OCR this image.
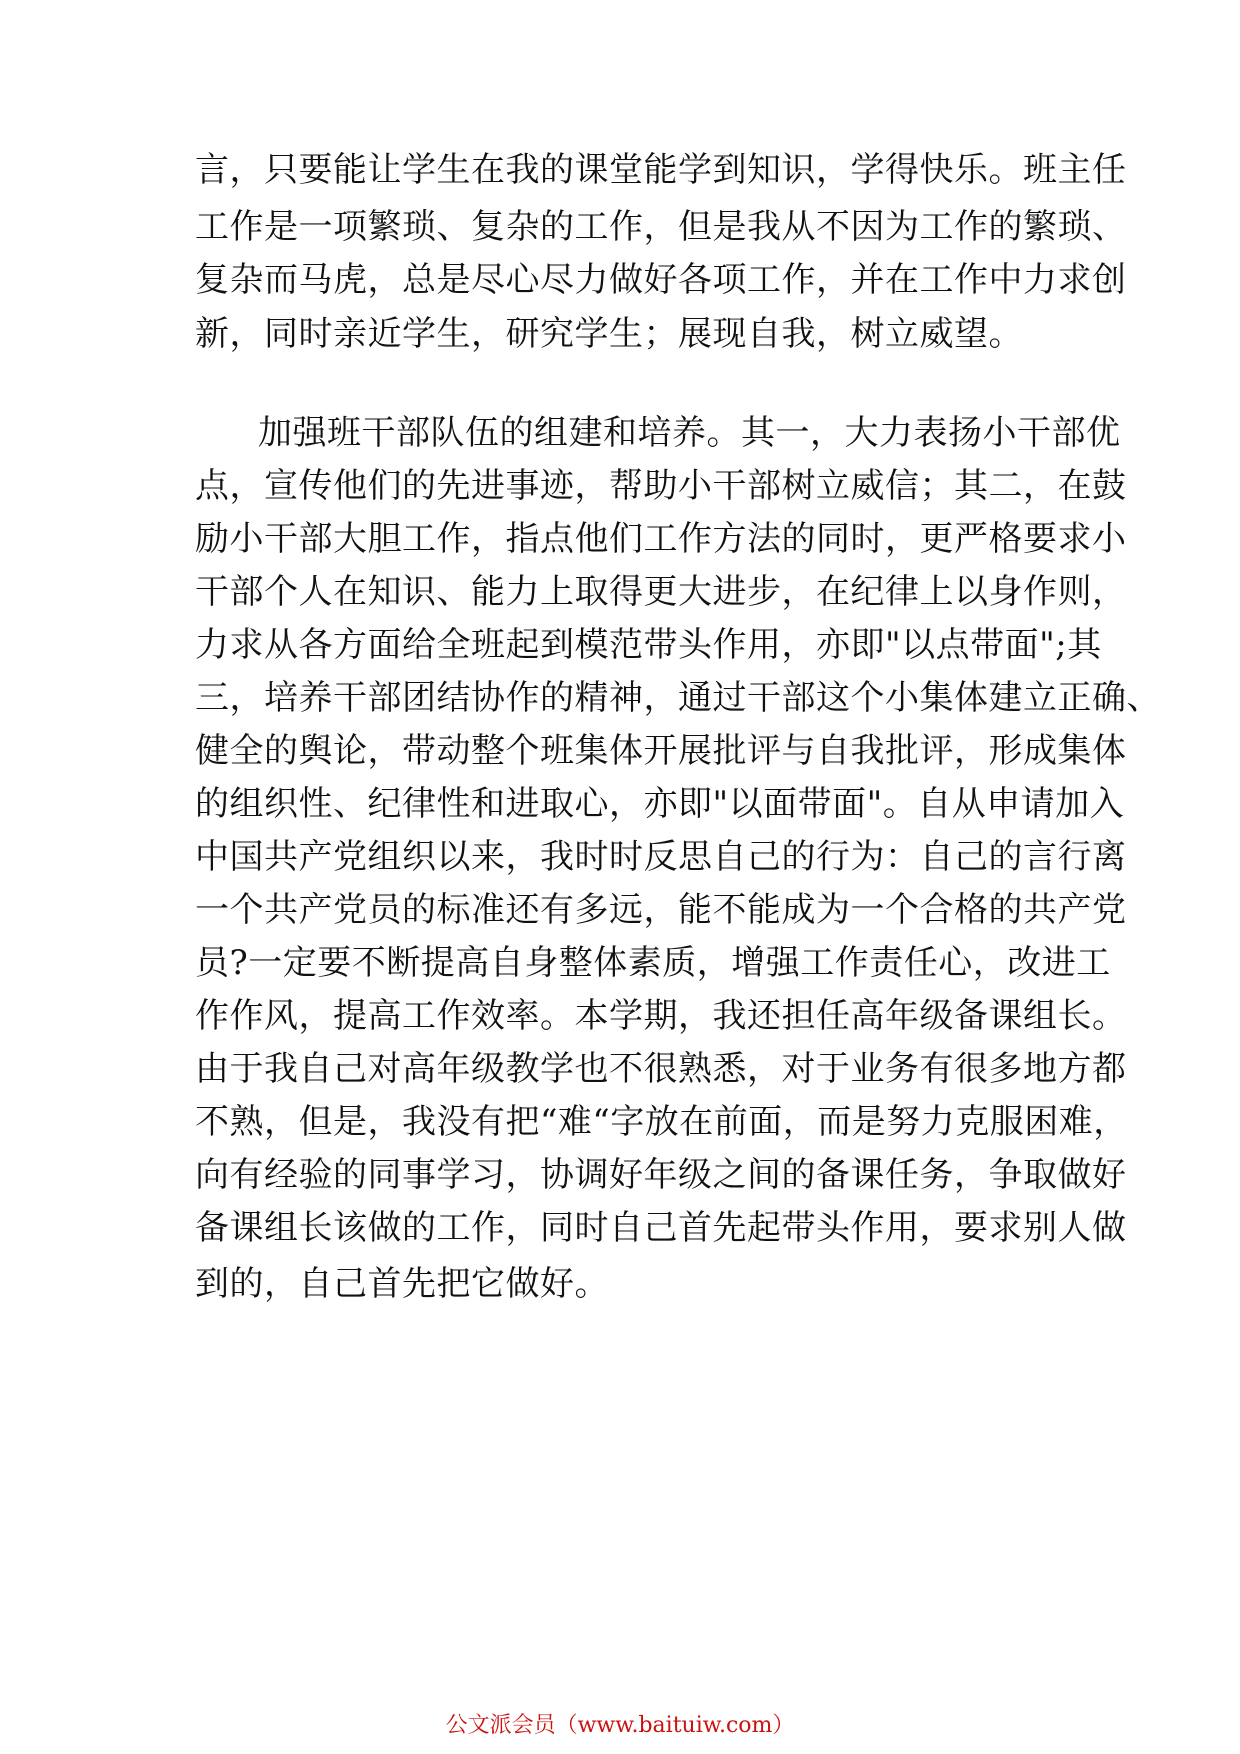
言，只要能让学生在我的课堂能学到知识，学得快乐。班主任
工作是一项繁琐、复杂的工作，但是我从不因为工作的繁琐、
复杂而马虎，总是尽心尽力做好各项工作，并在工作中力求创
新，同时亲近学生，研究学生；展现自我，树立威望。
加强班干部队伍的组建和培养。其一，大力表扬小干部优
点，宣传他们的先进事迹，帮助小干部树立威信；其二，在鼓
励小干部大胆工作，指点他们工作方法的同时，更严格要求小
干部个人在知识、能力上取得更大进步，在纪律上以身作则，
力求从各方面给全班起到模范带头作用，亦即"以点带面";其
三，培养干部团结协作的精神，通过干部这个小集体建立正确、
健全的舆论，带动整个班集体开展批评与自我批评，形成集体
的组织性、纪律性和进取心，亦即"以面带面"。自从申请加入
中国共产党组织以来，我时时反思自己的行为：自己的言行离
一个共产党员的标准还有多远，能不能成为一个合格的共产党
员?一定要不断提高自身整体素质，增强工作责任心，改进工
作作风，提高工作效率。本学期，我还担任高年级备课组长。
由于我自己对高年级教学也不很熟悉，对于业务有很多地方都
不熟，但是，我没有把“难“字放在前面，而是努力克服困难，
向有经验的同事学习，协调好年级之间的备课任务，争取做好
备课组长该做的工作，同时自己首先起带头作用，要求别人做
到的，自己首先把它做好。
公文派会员（www.baituiw.com）
